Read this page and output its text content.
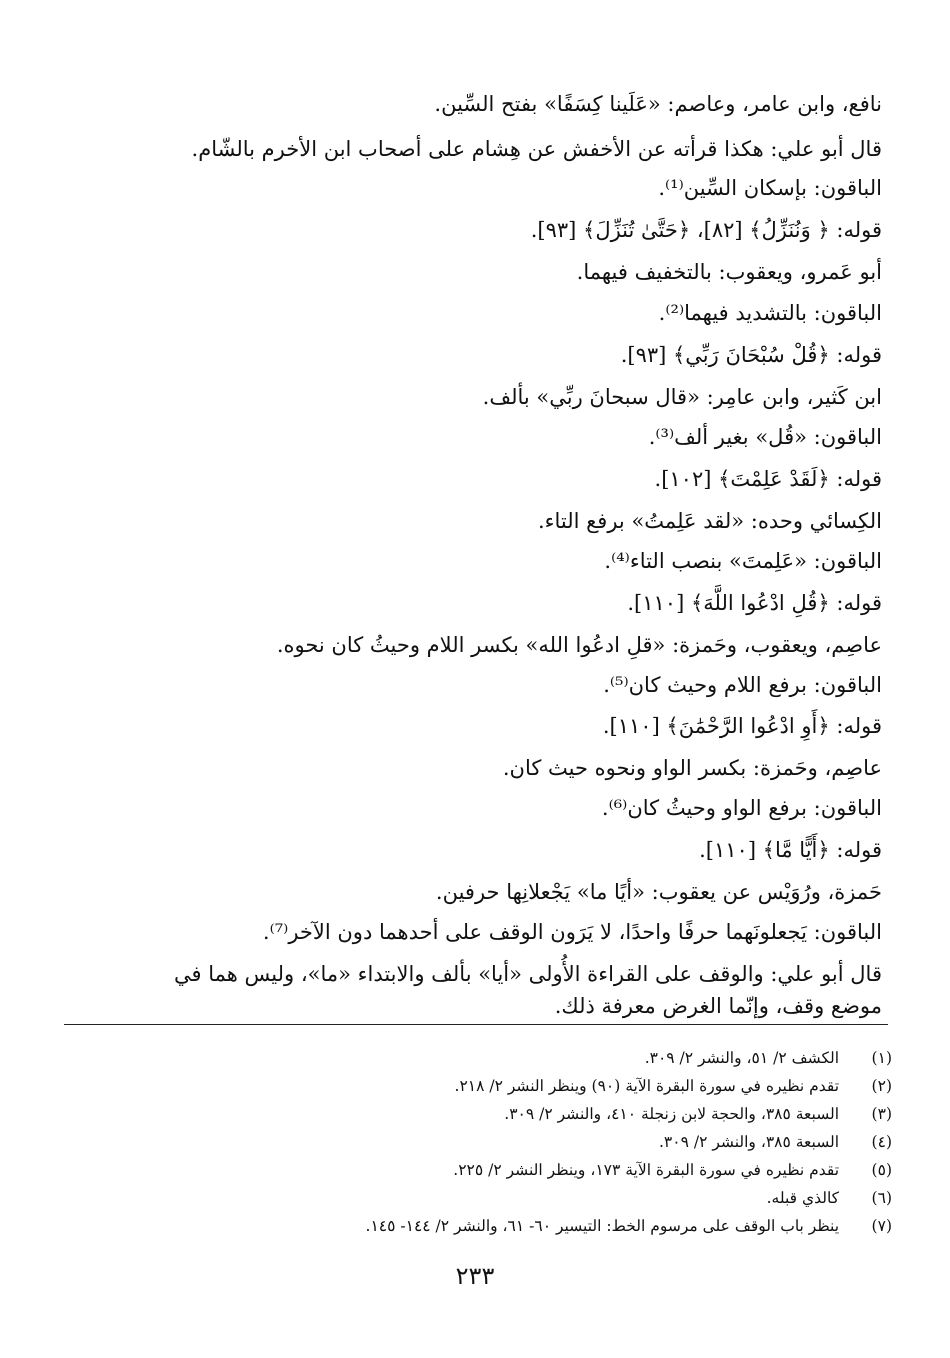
نافع، وابن عامر، وعاصم: «عَلَينا كِسَفًا» بفتح السِّين.
قال أبو علي: هكذا قرأته عن الأخفش عن هِشام على أصحاب ابن الأخرم بالشّام.
الباقون: بإسكان السِّين⁽¹⁾.
قوله: ﴿ وَنُنَزِّلُ﴾ [٨٢]، ﴿حَتَّىٰ تُنَزِّلَ﴾ [٩٣].
أبو عَمرو، ويعقوب: بالتخفيف فيهما.
الباقون: بالتشديد فيهما⁽²⁾.
قوله: ﴿قُلْ سُبْحَانَ رَبِّي﴾ [٩٣].
ابن كَثير، وابن عامِر: «قال سبحانَ ربِّي» بألف.
الباقون: «قُل» بغير ألف⁽³⁾.
قوله: ﴿لَقَدْ عَلِمْتَ﴾ [١٠٢].
الكِسائي وحده: «لقد عَلِمتُ» برفع التاء.
الباقون: «عَلِمتَ» بنصب التاء⁽⁴⁾.
قوله: ﴿قُلِ ادْعُوا اللَّهَ﴾ [١١٠].
عاصِم، ويعقوب، وحَمزة: «قلِ ادعُوا الله» بكسر اللام وحيثُ كان نحوه.
الباقون: برفع اللام وحيث كان⁽⁵⁾.
قوله: ﴿أَوِ ادْعُوا الرَّحْمَٰنَ﴾ [١١٠].
عاصِم، وحَمزة: بكسر الواو ونحوه حيث كان.
الباقون: برفع الواو وحيثُ كان⁽⁶⁾.
قوله: ﴿أَيًّا مَّا﴾ [١١٠].
حَمزة، ورُوَيْس عن يعقوب: «أيًا ما» يَجْعلانِها حرفين.
الباقون: يَجعلونَهما حرفًا واحدًا، لا يَرَون الوقف على أحدهما دون الآخر⁽⁷⁾.
قال أبو علي: والوقف على القراءة الأُولى «أيا» بألف والابتداء «ما»، وليس هما في
موضع وقف، وإنّما الغرض معرفة ذلك.
(١) الكشف ٢/ ٥١، والنشر ٢/ ٣٠٩.
(٢) تقدم نظيره في سورة البقرة الآية (٩٠) وينظر النشر ٢/ ٢١٨.
(٣) السبعة ٣٨٥، والحجة لابن زنجلة ٤١٠، والنشر ٢/ ٣٠٩.
(٤) السبعة ٣٨٥، والنشر ٢/ ٣٠٩.
(٥) تقدم نظيره في سورة البقرة الآية ١٧٣، وينظر النشر ٢/ ٢٢٥.
(٦) كالذي قبله.
(٧) ينظر باب الوقف على مرسوم الخط: التيسير ٦٠- ٦١، والنشر ٢/ ١٤٤- ١٤٥.
٢٣٣
